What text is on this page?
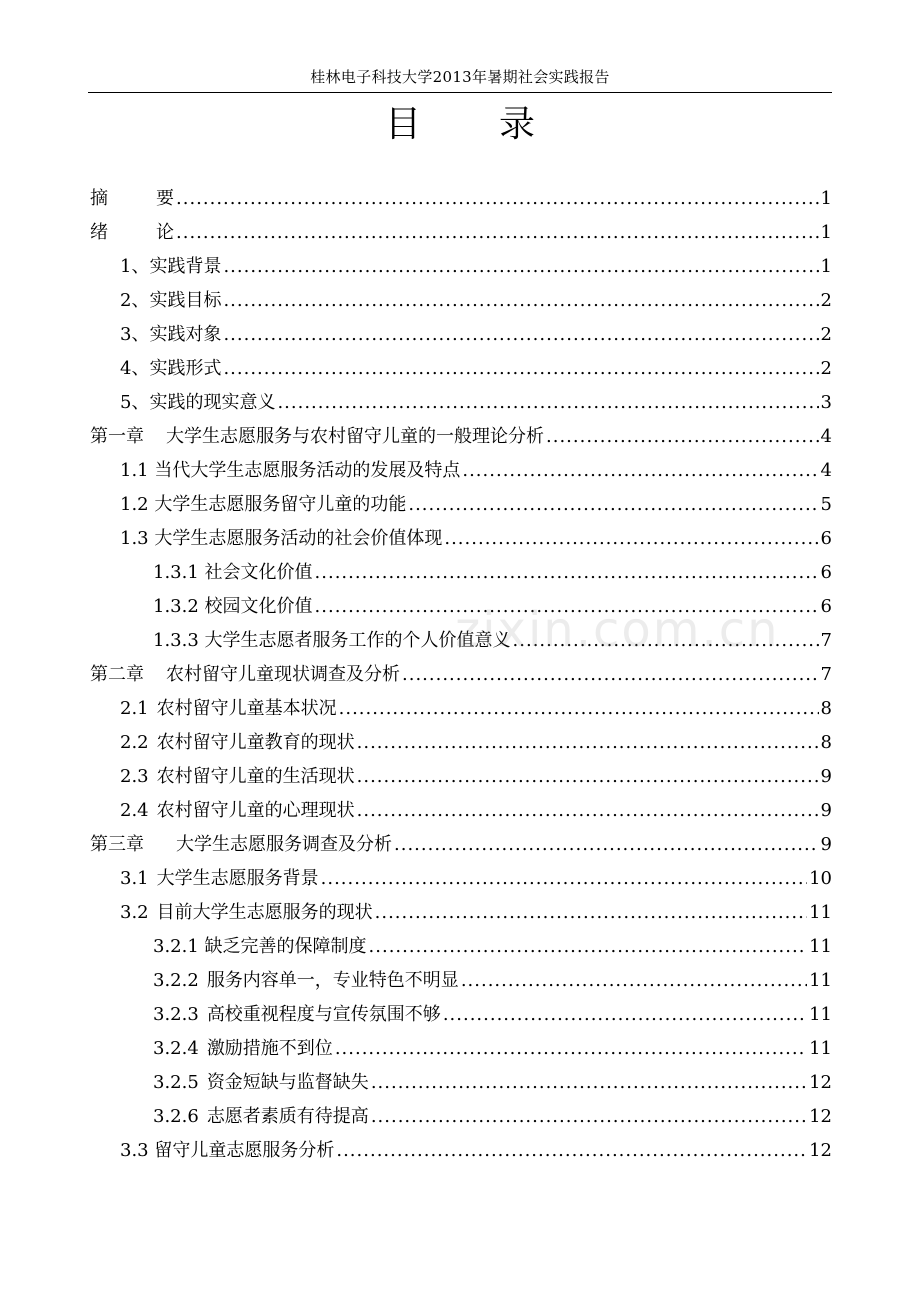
桂林电子科技大学2013年暑期社会实践报告
目 录
摘	要 .....	1
绪	论 .....	1
1、实践背景 .....	1
2、实践目标 .....	2
3、实践对象 .....	2
4、实践形式 .....	2
5、实践的现实意义 .....	3
第一章 大学生志愿服务与农村留守儿童的一般理论分析 .....	4
1.1 当代大学生志愿服务活动的发展及特点 .....	4
1.2 大学生志愿服务留守儿童的功能 .....	5
1.3 大学生志愿服务活动的社会价值体现 .....	6
1.3.1 社会文化价值 .....	6
1.3.2 校园文化价值 .....	6
1.3.3 大学生志愿者服务工作的个人价值意义 .....	7
第二章 农村留守儿童现状调查及分析 .....	7
2.1 农村留守儿童基本状况 .....	8
2.2 农村留守儿童教育的现状 .....	8
2.3 农村留守儿童的生活现状 .....	9
2.4 农村留守儿童的心理现状 .....	9
第三章 大学生志愿服务调查及分析 .....	9
3.1 大学生志愿服务背景 .....	10
3.2 目前大学生志愿服务的现状 .....	11
3.2.1 缺乏完善的保障制度 .....	11
3.2.2 服务内容单一，专业特色不明显 .....	11
3.2.3 高校重视程度与宣传氛围不够 .....	11
3.2.4 激励措施不到位 .....	11
3.2.5 资金短缺与监督缺失 .....	12
3.2.6 志愿者素质有待提高 .....	12
3.3 留守儿童志愿服务分析 .....	12
zixin.com.cn
